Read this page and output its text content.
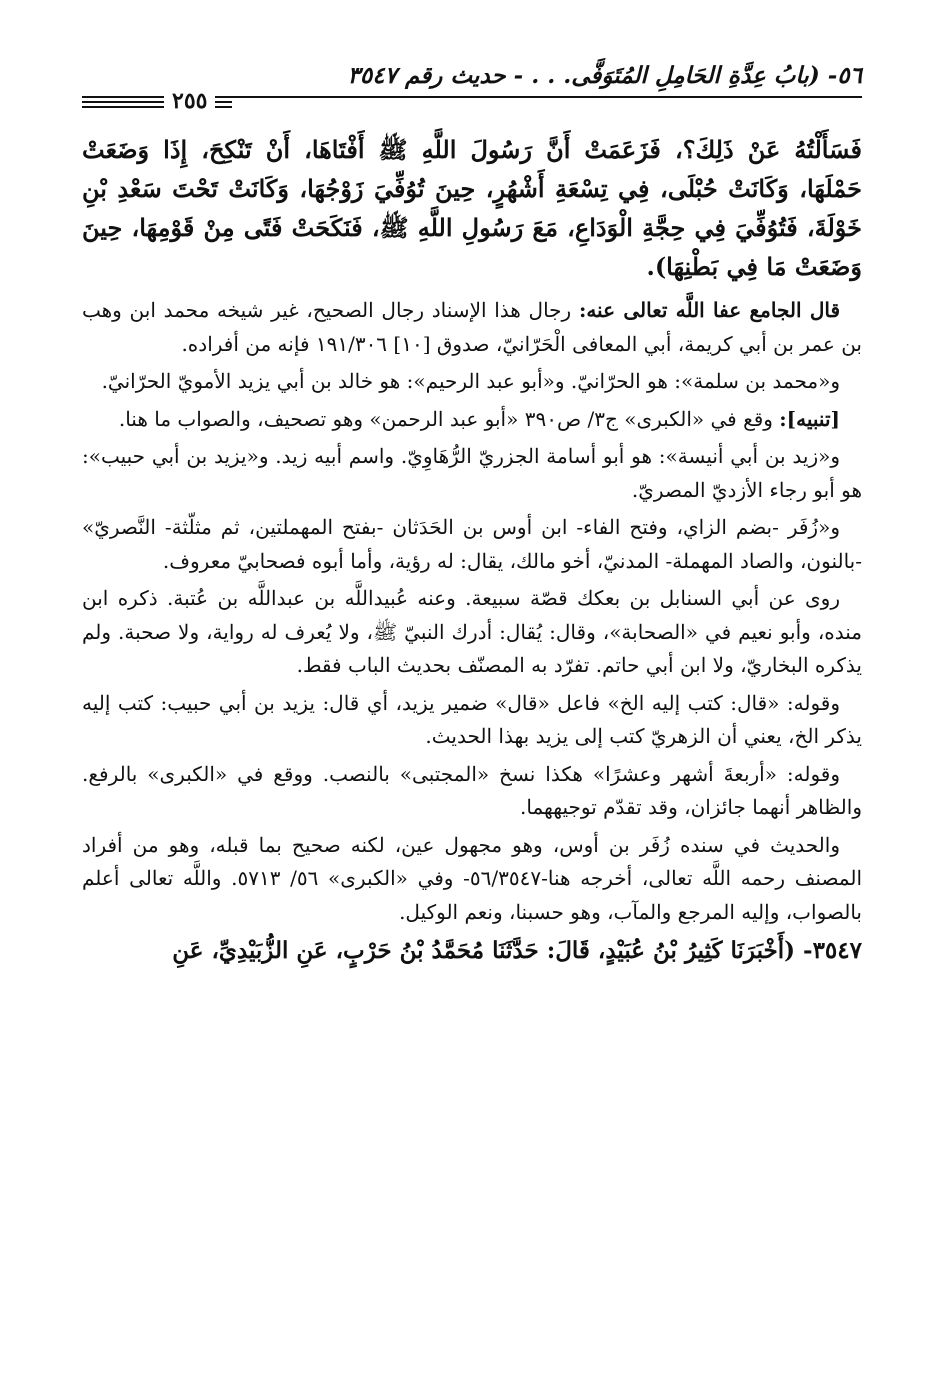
٥٦- (بابُ عِدَّةِ الحَامِلِ المُتَوَفَّى. . . - حديث رقم ٣٥٤٧
٢٥٥

فَسَأَلْتُهُ عَنْ ذَلِكَ؟، فَزَعَمَتْ أَنَّ رَسُولَ اللَّهِ ﷺ أَفْتَاهَا، أَنْ تَنْكِحَ، إِذَا وَضَعَتْ حَمْلَهَا، وَكَانَتْ حُبْلَى، فِي تِسْعَةِ أَشْهُرٍ، حِينَ تُوُفِّيَ زَوْجُهَا، وَكَانَتْ تَحْتَ سَعْدِ بْنِ خَوْلَةَ، فَتُوُفِّيَ فِي حِجَّةِ الْوَدَاعِ، مَعَ رَسُولِ اللَّهِ ﷺ، فَنَكَحَتْ فَتًى مِنْ قَوْمِهَا، حِينَ وَضَعَتْ مَا فِي بَطْنِهَا).

قال الجامع عفا اللَّه تعالى عنه: رجال هذا الإسناد رجال الصحيح، غير شيخه محمد ابن وهب بن عمر بن أبي كريمة، أبي المعافى الْحَرّانيّ، صدوق [١٠] ١٩١/٣٠٦ فإنه من أفراده.

و«محمد بن سلمة»: هو الحرّانيّ. و«أبو عبد الرحيم»: هو خالد بن أبي يزيد الأمويّ الحرّانيّ.

[تنبيه]: وقع في «الكبرى» ج٣/ ص٣٩٠ «أبو عبد الرحمن» وهو تصحيف، والصواب ما هنا.

و«زيد بن أبي أنيسة»: هو أبو أسامة الجزريّ الرُّهَاوِيّ. واسم أبيه زيد. و«يزيد بن أبي حبيب»: هو أبو رجاء الأزديّ المصريّ.

و«زُفَر -بضم الزاي، وفتح الفاء- ابن أوس بن الحَدَثان -بفتح المهملتين، ثم مثلّثة- النَّصريّ» -بالنون، والصاد المهملة- المدنيّ، أخو مالك، يقال: له رؤية، وأما أبوه فصحابيّ معروف.

روى عن أبي السنابل بن بعكك قصّة سبيعة. وعنه عُبيداللَّه بن عبداللَّه بن عُتبة. ذكره ابن منده، وأبو نعيم في «الصحابة»، وقال: يُقال: أدرك النبيّ ﷺ، ولا يُعرف له رواية، ولا صحبة. ولم يذكره البخاريّ، ولا ابن أبي حاتم. تفرّد به المصنّف بحديث الباب فقط.

وقوله: «قال: كتب إليه الخ» فاعل «قال» ضمير يزيد، أي قال: يزيد بن أبي حبيب: كتب إليه يذكر الخ، يعني أن الزهريّ كتب إلى يزيد بهذا الحديث.

وقوله: «أربعةَ أشهر وعشرًا» هكذا نسخ «المجتبى» بالنصب. ووقع في «الكبرى» بالرفع. والظاهر أنهما جائزان، وقد تقدّم توجيههما.

والحديث في سنده زُفَر بن أوس، وهو مجهول عين، لكنه صحيح بما قبله، وهو من أفراد المصنف رحمه اللَّه تعالى، أخرجه هنا-٥٦/٣٥٤٧- وفي «الكبرى» ٥٦/ ٥٧١٣. واللَّه تعالى أعلم بالصواب، وإليه المرجع والمآب، وهو حسبنا، ونعم الوكيل.

٣٥٤٧- (أَخْبَرَنَا كَثِيرُ بْنُ عُبَيْدٍ، قَالَ: حَدَّثَنَا مُحَمَّدُ بْنُ حَرْبٍ، عَنِ الزُّبَيْدِيِّ، عَنِ
